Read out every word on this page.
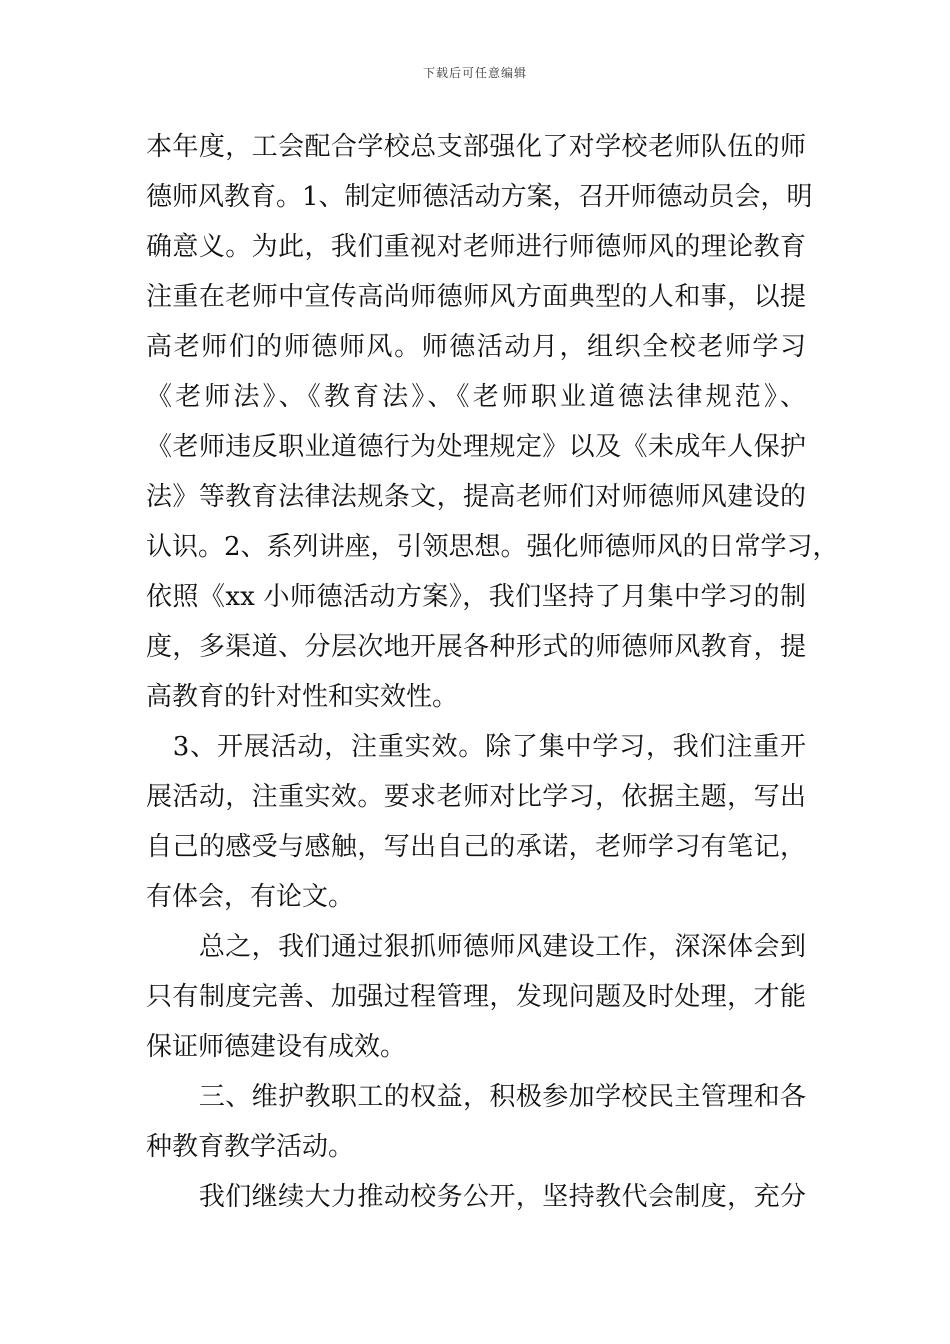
下载后可任意编辑
本年度，工会配合学校总支部强化了对学校老师队伍的师
德师风教育。1、制定师德活动方案，召开师德动员会，明
确意义。为此，我们重视对老师进行师德师风的理论教育
注重在老师中宣传高尚师德师风方面典型的人和事，以提
高老师们的师德师风。师德活动月，组织全校老师学习
《老师法》、《教育法》、《老师职业道德法律规范》、
《老师违反职业道德行为处理规定》以及《未成年人保护
法》等教育法律法规条文，提高老师们对师德师风建设的
认识。2、系列讲座，引领思想。强化师德师风的日常学习，
依照《xx 小师德活动方案》，我们坚持了月集中学习的制
度，多渠道、分层次地开展各种形式的师德师风教育，提
高教育的针对性和实效性。
　3、开展活动，注重实效。除了集中学习，我们注重开
展活动，注重实效。要求老师对比学习，依据主题，写出
自己的感受与感触，写出自己的承诺，老师学习有笔记，
有体会，有论文。
　　总之，我们通过狠抓师德师风建设工作，深深体会到
只有制度完善、加强过程管理，发现问题及时处理，才能
保证师德建设有成效。
　　三、维护教职工的权益，积极参加学校民主管理和各
种教育教学活动。
　　我们继续大力推动校务公开，坚持教代会制度，充分
